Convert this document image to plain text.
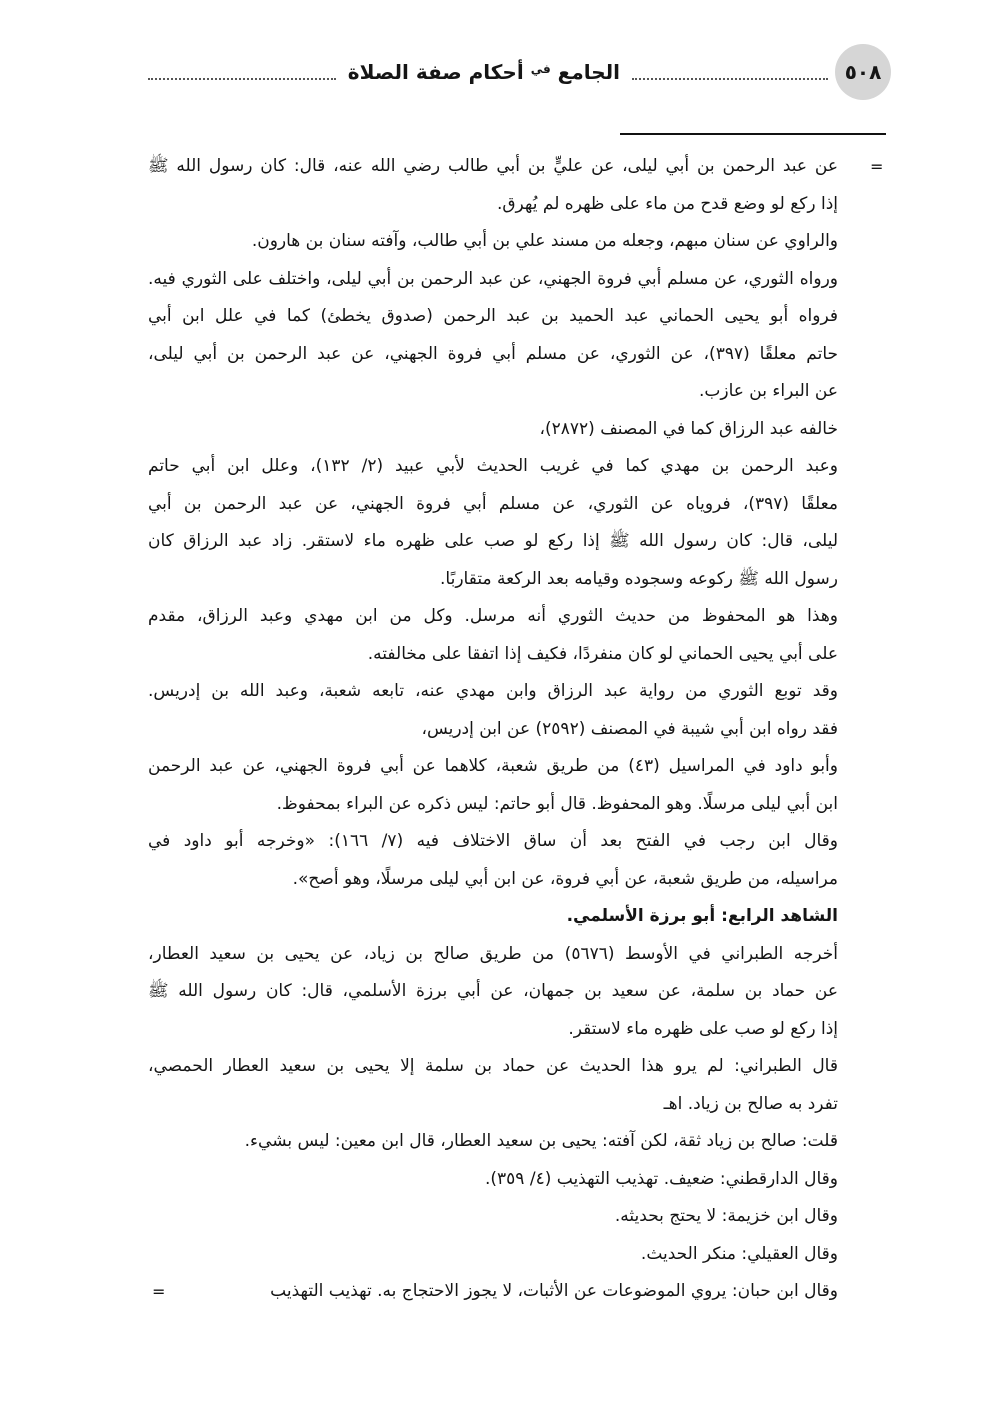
٥٠٨
الجامع $^{في}$ أحكام صفة الصلاة
=
عن عبد الرحمن بن أبي ليلى، عن عليٍّ بن أبي طالب رضي الله عنه، قال: كان رسول الله ﷺ
إذا ركع لو وضع قدح من ماء على ظهره لم يُهرق.
والراوي عن سنان مبهم، وجعله من مسند علي بن أبي طالب، وآفته سنان بن هارون.
ورواه الثوري، عن مسلم أبي فروة الجهني، عن عبد الرحمن بن أبي ليلى، واختلف على الثوري فيه.
فرواه أبو يحيى الحماني عبد الحميد بن عبد الرحمن (صدوق يخطئ) كما في علل ابن أبي
حاتم معلقًا (٣٩٧)، عن الثوري، عن مسلم أبي فروة الجهني، عن عبد الرحمن بن أبي ليلى،
عن البراء بن عازب.
خالفه عبد الرزاق كما في المصنف (٢٨٧٢)،
وعبد الرحمن بن مهدي كما في غريب الحديث لأبي عبيد (٢/ ١٣٢)، وعلل ابن أبي حاتم
معلقًا (٣٩٧)، فروياه عن الثوري، عن مسلم أبي فروة الجهني، عن عبد الرحمن بن أبي
ليلى، قال: كان رسول الله ﷺ إذا ركع لو صب على ظهره ماء لاستقر. زاد عبد الرزاق كان
رسول الله ﷺ ركوعه وسجوده وقيامه بعد الركعة متقاربًا.
وهذا هو المحفوظ من حديث الثوري أنه مرسل. وكل من ابن مهدي وعبد الرزاق، مقدم
على أبي يحيى الحماني لو كان منفردًا، فكيف إذا اتفقا على مخالفته.
وقد توبع الثوري من رواية عبد الرزاق وابن مهدي عنه، تابعه شعبة، وعبد الله بن إدريس.
فقد رواه ابن أبي شيبة في المصنف (٢٥٩٢) عن ابن إدريس،
وأبو داود في المراسيل (٤٣) من طريق شعبة، كلاهما عن أبي فروة الجهني، عن عبد الرحمن
ابن أبي ليلى مرسلًا. وهو المحفوظ. قال أبو حاتم: ليس ذكره عن البراء بمحفوظ.
وقال ابن رجب في الفتح بعد أن ساق الاختلاف فيه (٧/ ١٦٦): «وخرجه أبو داود في
مراسيله، من طريق شعبة، عن أبي فروة، عن ابن أبي ليلى مرسلًا، وهو أصح».
الشاهد الرابع: أبو برزة الأسلمي.
أخرجه الطبراني في الأوسط (٥٦٧٦) من طريق صالح بن زياد، عن يحيى بن سعيد العطار،
عن حماد بن سلمة، عن سعيد بن جمهان، عن أبي برزة الأسلمي، قال: كان رسول الله ﷺ
إذا ركع لو صب على ظهره ماء لاستقر.
قال الطبراني: لم يرو هذا الحديث عن حماد بن سلمة إلا يحيى بن سعيد العطار الحمصي،
تفرد به صالح بن زياد. اهـ
قلت: صالح بن زياد ثقة، لكن آفته: يحيى بن سعيد العطار، قال ابن معين: ليس بشيء.
وقال الدارقطني: ضعيف. تهذيب التهذيب (٤/ ٣٥٩).
وقال ابن خزيمة: لا يحتج بحديثه.
وقال العقيلي: منكر الحديث.
وقال ابن حبان: يروي الموضوعات عن الأثبات، لا يجوز الاحتجاج به. تهذيب التهذيب
=
